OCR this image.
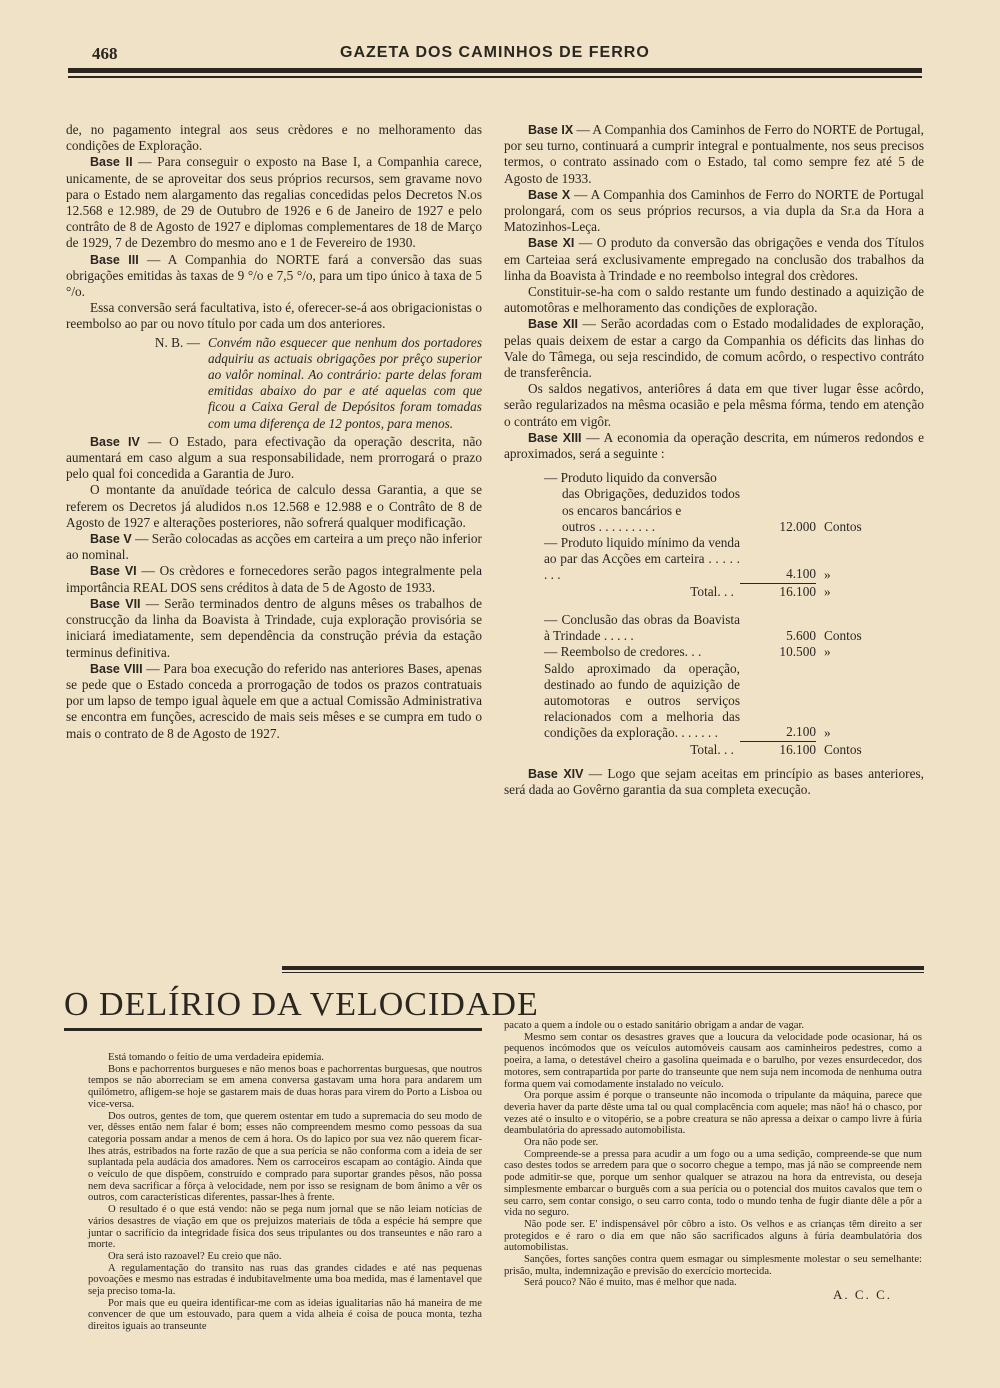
468	GAZETA DOS CAMINHOS DE FERRO

de, no pagamento integral aos seus crèdores e no melhoramento das condições de Exploração.

Base II — Para conseguir o exposto na Base I, a Companhia carece, unicamente, de se aproveitar dos seus próprios recursos, sem gravame novo para o Estado nem alargamento das regalias concedidas pelos Decretos N.os 12.568 e 12.989, de 29 de Outubro de 1926 e 6 de Janeiro de 1927 e pelo contrâto de 8 de Agosto de 1927 e diplomas complementares de 18 de Março de 1929, 7 de Dezembro do mesmo ano e 1 de Fevereiro de 1930.

Base III — A Companhia do NORTE fará a conversão das suas obrigações emitidas às taxas de 9 °/o e 7,5 °/o, para um tipo único à taxa de 5 °/o.

Essa conversão será facultativa, isto é, oferecer-se-á aos obrigacionistas o reembolso ao par ou novo título por cada um dos anteriores.

N. B. — Convém não esquecer que nenhum dos portadores adquiriu as actuais obrigações por prêço superior ao valôr nominal. Ao contrário: parte delas foram emitidas abaixo do par e até aquelas com que ficou a Caixa Geral de Depósitos foram tomadas com uma diferença de 12 pontos, para menos.

Base IV — O Estado, para efectivação da operação descrita, não aumentará em caso algum a sua responsabilidade, nem prorrogará o prazo pelo qual foi concedida a Garantia de Juro.

O montante da anuïdade teórica de calculo dessa Garantia, a que se referem os Decretos já aludidos n.os 12.568 e 12.988 e o Contrâto de 8 de Agosto de 1927 e alterações posteriores, não sofrerá qualquer modificação.

Base V — Serão colocadas as acções em carteira a um preço não inferior ao nominal.

Base VI — Os crèdores e fornecedores serão pagos integralmente pela importância REAL DOS sens créditos à data de 5 de Agosto de 1933.

Base VII — Serão terminados dentro de alguns mêses os trabalhos de construcção da linha da Boavista à Trindade, cuja exploração provisória se iniciará imediatamente, sem dependência da construção prévia da estação terminus definitiva.

Base VIII — Para boa execução do referido nas anteriores Bases, apenas se pede que o Estado conceda a prorrogação de todos os prazos contratuais por um lapso de tempo igual àquele em que a actual Comissão Administrativa se encontra em funções, acrescido de mais seis mêses e se cumpra em tudo o mais o contrato de 8 de Agosto de 1927.

Base IX — A Companhia dos Caminhos de Ferro do NORTE de Portugal, por seu turno, continuará a cumprir integral e pontualmente, nos seus precisos termos, o contrato assinado com o Estado, tal como sempre fez até 5 de Agosto de 1933.

Base X — A Companhia dos Caminhos de Ferro do NORTE de Portugal prolongará, com os seus próprios recursos, a via dupla da Sr.a da Hora a Matozinhos-Leça.

Base XI — O produto da conversão das obrigações e venda dos Títulos em Carteiaa será exclusivamente empregado na conclusão dos trabalhos da linha da Boavista à Trindade e no reembolso integral dos crèdores.

Constituir-se-ha com o saldo restante um fundo destinado a aquizição de automotôras e melhoramento das condições de exploração.

Base XII — Serão acordadas com o Estado modalidades de exploração, pelas quais deixem de estar a cargo da Companhia os déficits das linhas do Vale do Tâmega, ou seja rescindido, de comum acôrdo, o respectivo contráto de transferência.

Os saldos negativos, anteriôres á data em que tiver lugar êsse acôrdo, serão regularizados na mêsma ocasião e pela mêsma fórma, tendo em atenção o contráto em vigôr.

Base XIII — A economia da operação descrita, em números redondos e aproximados, será a seguinte :

— Produto liquido da conversão
das Obrigações, deduzidos todos os encaros bancários e
outros . . . . . . . . .	12.000 Contos
— Produto liquido mínimo da venda ao par das Acções em carteira . . . . . . . .	4.100 »
Total. . .	16.100 »
— Conclusão das obras da Boavista à Trindade . . . . .	5.600 Contos
— Reembolso de credores. . .	10.500 »
Saldo aproximado da operação, destinado ao fundo de aquizição de automotoras e outros serviços relacionados com a melhoria das condições da exploração. . . . . . .	2.100 »
Total. . .	16.100 Contos

Base XIV — Logo que sejam aceitas em princípio as bases anteriores, será dada ao Govêrno garantia da sua completa execução.

O DELÍRIO DA VELOCIDADE

Está tomando o feitio de uma verdadeira epidemia.

Bons e pachorrentos burgueses e não menos boas e pachorrentas burguesas, que noutros tempos se não aborreciam se em amena conversa gastavam uma hora para andarem um quilómetro, afligem-se hoje se gastarem mais de duas horas para virem do Porto a Lisboa ou vice-versa.

Dos outros, gentes de tom, que querem ostentar em tudo a supremacia do seu modo de ver, dêsses então nem falar é bom; esses não compreendem mesmo como pessoas da sua categoria possam andar a menos de cem á hora. Os do lapico por sua vez não querem ficar-lhes atrás, estribados na forte razão de que a sua perícia se não conforma com a ideia de ser suplantada pela audácia dos amadores. Nem os carroceiros escapam ao contágio. Ainda que o veículo de que dispõem, construído e comprado para suportar grandes pêsos, não possa nem deva sacrificar a fôrça à velocidade, nem por isso se resignam de bom ânimo a vêr os outros, com características diferentes, passar-lhes à frente.

O resultado é o que está vendo: não se pega num jornal que se não leiam notícias de vários desastres de viação em que os prejuizos materiais de tôda a espécie há sempre que juntar o sacrifício da integridade física dos seus tripulantes ou dos transeuntes e não raro a morte.

Ora será isto razoavel? Eu creio que não.

A regulamentação do transito nas ruas das grandes cidades e até nas pequenas povoações e mesmo nas estradas é indubitavelmente uma boa medida, mas é lamentavel que seja preciso toma-la.

Por mais que eu queira identificar-me com as ideias igualitarias não há maneira de me convencer de que um estouvado, para quem a vida alheia é coisa de pouca monta, tezha direitos iguais ao transeunte

pacato a quem a índole ou o estado sanitário obrigam a andar de vagar.

Mesmo sem contar os desastres graves que a loucura da velocidade pode ocasionar, há os pequenos incómodos que os veículos automóveis causam aos caminheiros pedestres, como a poeira, a lama, o detestável cheiro a gasolina queimada e o barulho, por vezes ensurdecedor, dos motores, sem contrapartida por parte do transeunte que nem suja nem incomoda de nenhuma outra forma quem vai comodamente instalado no veículo.

Ora porque assim é porque o transeunte não incomoda o tripulante da máquina, parece que deveria haver da parte dêste uma tal ou qual complacência com aquele; mas não! há o chasco, por vezes até o insulto e o vitopério, se a pobre creatura se não apressa a deixar o campo livre à fúria deambulatória do apressado automobilista.

Ora não pode ser.

Compreende-se a pressa para acudir a um fogo ou a uma sedição, compreende-se que num caso destes todos se arredem para que o socorro chegue a tempo, mas já não se compreende nem pode admitir-se que, porque um senhor qualquer se atrazou na hora da entrevista, ou deseja simplesmente embarcar o burguês com a sua perícia ou o potencial dos muitos cavalos que tem o seu carro, sem contar consigo, o seu carro conta, todo o mundo tenha de fugir diante dêle a pôr a vida no seguro.

Não pode ser. E' indispensável pôr côbro a isto. Os velhos e as crianças têm direito a ser protegidos e é raro o dia em que não são sacrificados alguns à fúria deambulatória dos automobilistas.

Sanções, fortes sanções contra quem esmagar ou simplesmente molestar o seu semelhante: prisão, multa, indemnização e previsão do exercício mortecida.

Será pouco? Não é muito, mas é melhor que nada.

A. C. C.
